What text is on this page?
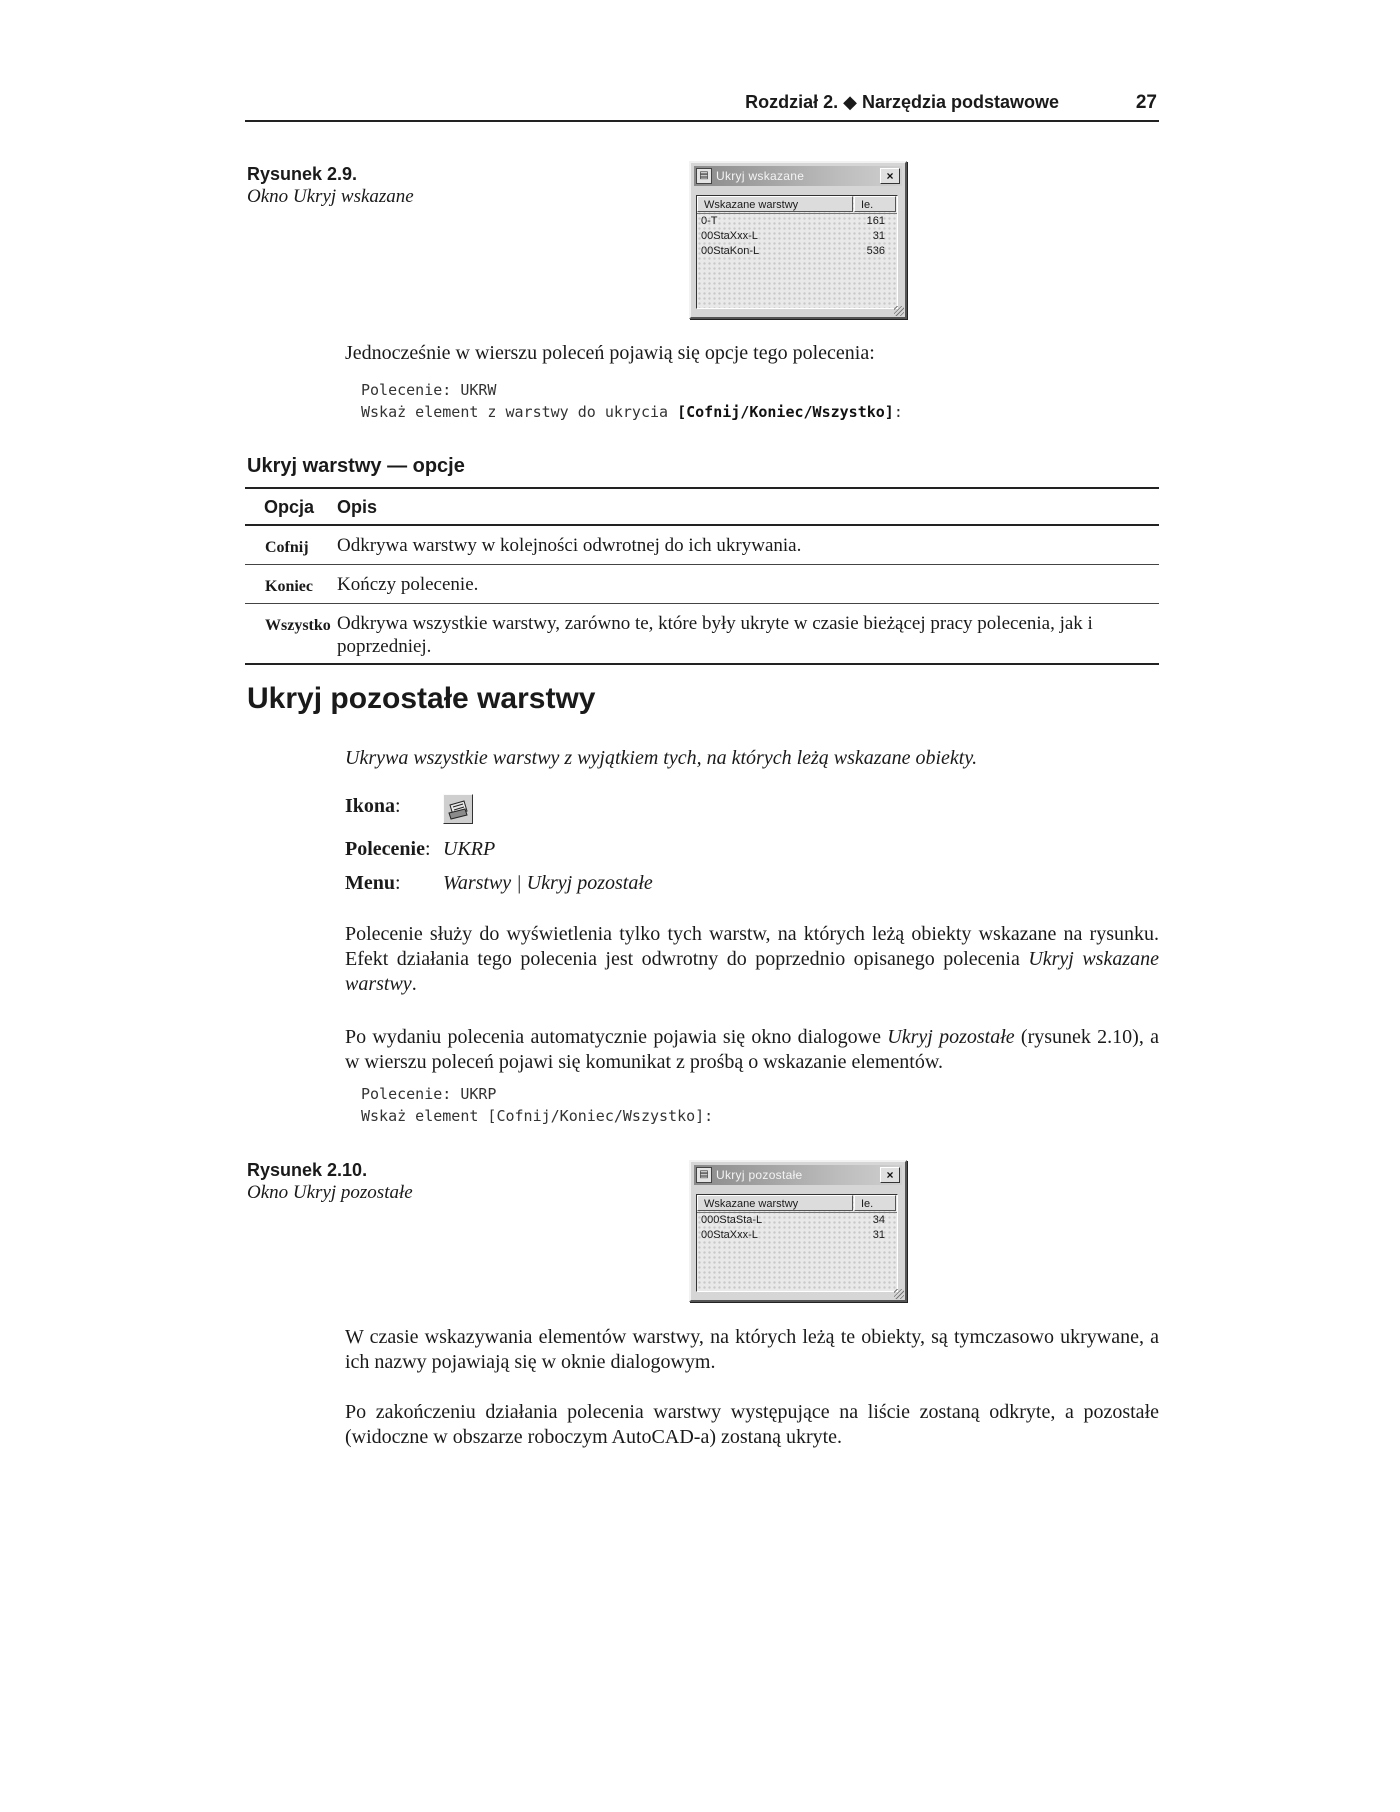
Rozdział 2. ◆ Narzędzia podstawowe	27
Rysunek 2.9.
Okno Ukryj wskazane
▤ Ukryj wskazane	×
Wskazane warstwy	Ie.
0-T	161
00StaXxx-L	31
00StaKon-L	536
Jednocześnie w wierszu poleceń pojawią się opcje tego polecenia:
Polecenie: UKRW
Wskaż element z warstwy do ukrycia [Cofnij/Koniec/Wszystko]:
Ukryj warstwy — opcje
Opcja	Opis
Cofnij	Odkrywa warstwy w kolejności odwrotnej do ich ukrywania.
Koniec	Kończy polecenie.
Wszystko	Odkrywa wszystkie warstwy, zarówno te, które były ukryte w czasie bieżącej pracy polecenia, jak i poprzedniej.
Ukryj pozostałe warstwy
Ukrywa wszystkie warstwy z wyjątkiem tych, na których leżą wskazane obiekty.
Ikona:
Polecenie: UKRP
Menu: Warstwy | Ukryj pozostałe
Polecenie służy do wyświetlenia tylko tych warstw, na których leżą obiekty wskazane na rysunku. Efekt działania tego polecenia jest odwrotny do poprzednio opisanego polecenia Ukryj wskazane warstwy.
Po wydaniu polecenia automatycznie pojawia się okno dialogowe Ukryj pozostałe (rysunek 2.10), a w wierszu poleceń pojawi się komunikat z prośbą o wskazanie elementów.
Polecenie: UKRP
Wskaż element [Cofnij/Koniec/Wszystko]:
Rysunek 2.10.
Okno Ukryj pozostałe
▤ Ukryj pozostałe	×
Wskazane warstwy	Ie.
000StaSta-L	34
00StaXxx-L	31
W czasie wskazywania elementów warstwy, na których leżą te obiekty, są tymczasowo ukrywane, a ich nazwy pojawiają się w oknie dialogowym.
Po zakończeniu działania polecenia warstwy występujące na liście zostaną odkryte, a pozostałe (widoczne w obszarze roboczym AutoCAD-a) zostaną ukryte.
